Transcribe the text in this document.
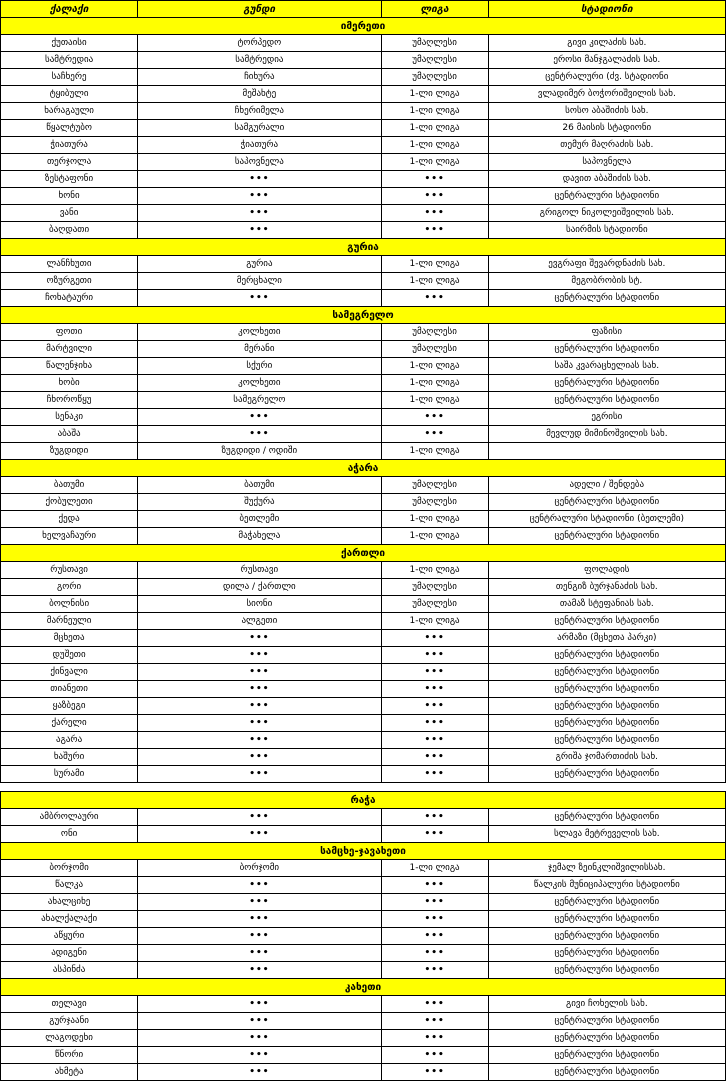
ქალაქი	გუნდი	ლიგა	სტადიონი
იმერეთი			
ქუთაისი	ტორპედო	უმაღლესი	გივი კილაძის სახ.
სამტრედია	სამტრედია	უმაღლესი	ეროსი მანჯგალაძის სახ.
საჩხერე	ჩიხურა	უმაღლესი	ცენტრალური (ძვ. სტადიონი
ტყიბული	მეშახტე	1-ლი ლიგა	ვლადიმერ ბოჭორიშვილის სახ.
ხარაგაული	ჩხერიმელა	1-ლი ლიგა	სოსო აბაშიძის სახ.
წყალტუბო	სამგურალი	1-ლი ლიგა	26 მაისის სტადიონი
ჭიათურა	ჭიათურა	1-ლი ლიგა	თემურ მაღრაძის სახ.
თერჯოლა	საპოვნელა	1-ლი ლიგა	საპოვნელა
ზესტაფონი	•••	•••	დავით აბაშიძის სახ.
ხონი	•••	•••	ცენტრალური სტადიონი
ვანი	•••	•••	გრიგოლ ნიკოლეიშვილის სახ.
ბაღდათი	•••	•••	საირმის სტადიონი
გურია			
ლანჩხუთი	გურია	1-ლი ლიგა	ევგრაფი შევარდნაძის სახ.
ოზურგეთი	მერცხალი	1-ლი ლიგა	მეგობრობის სტ.
ჩოხატაური	•••	•••	ცენტრალური სტადიონი
სამეგრელო			
ფოთი	კოლხეთი	უმაღლესი	ფაზისი
მარტვილი	მერანი	უმაღლესი	ცენტრალური სტადიონი
წალენჯიხა	სქური	1-ლი ლიგა	საშა კვარაცხელიას სახ.
ხობი	კოლხეთი	1-ლი ლიგა	ცენტრალური სტადიონი
ჩხოროწყუ	სამეგრელო	1-ლი ლიგა	ცენტრალური სტადიონი
სენაკი	•••	•••	ეგრისი
აბაშა	•••	•••	მევლუდ მიმინოშვილის სახ.
ზუგდიდი	ზუგდიდი / ოდიში	1-ლი ლიგა	
აჭარა			
ბათუმი	ბათუმი	უმაღლესი	ადელი / შენდება
ქობულეთი	შუქურა	უმაღლესი	ცენტრალური სტადიონი
ქედა	ბეთლემი	1-ლი ლიგა	ცენტრალური სტადიონი (ბეთლემი)
ხელვაჩაური	მაჭახელა	1-ლი ლიგა	ცენტრალური სტადიონი
ქართლი			
რუსთავი	რუსთავი	1-ლი ლიგა	ფოლადის
გორი	დილა / ქართლი	უმაღლესი	თენგიზ ბურჯანაძის სახ.
ბოლნისი	სიონი	უმაღლესი	თამაზ სტეფანიას სახ.
მარნეული	ალგეთი	1-ლი ლიგა	ცენტრალური სტადიონი
მცხეთა	•••	•••	არმაზი (მცხეთა პარკი)
დუშეთი	•••	•••	ცენტრალური სტადიონი
ქინვალი	•••	•••	ცენტრალური სტადიონი
თიანეთი	•••	•••	ცენტრალური სტადიონი
ყაზბეგი	•••	•••	ცენტრალური სტადიონი
ქარელი	•••	•••	ცენტრალური სტადიონი
აგარა	•••	•••	ცენტრალური სტადიონი
ხაშური	•••	•••	გრიშა ჯომართიძის სახ.
სურამი	•••	•••	ცენტრალური სტადიონი

რაჭა			
ამბროლაური	•••	•••	ცენტრალური სტადიონი
ონი	•••	•••	სლავა მეტრეველის სახ.
სამცხე-ჯავახეთი			
ბორჯომი	ბორჯომი	1-ლი ლიგა	ჯემალ ზეინკლიშვილისსახ.
წალკა	•••	•••	წალკის მუნიციპალური სტადიონი
ახალციხე	•••	•••	ცენტრალური სტადიონი
ახალქალაქი	•••	•••	ცენტრალური სტადიონი
აწყური	•••	•••	ცენტრალური სტადიონი
ადიგენი	•••	•••	ცენტრალური სტადიონი
ასპინძა	•••	•••	ცენტრალური სტადიონი
კახეთი			
თელავი	•••	•••	გივი ჩოხელის სახ.
გურჯაანი	•••	•••	ცენტრალური სტადიონი
ლაგოდეხი	•••	•••	ცენტრალური სტადიონი
წნორი	•••	•••	ცენტრალური სტადიონი
ახმეტა	•••	•••	ცენტრალური სტადიონი
